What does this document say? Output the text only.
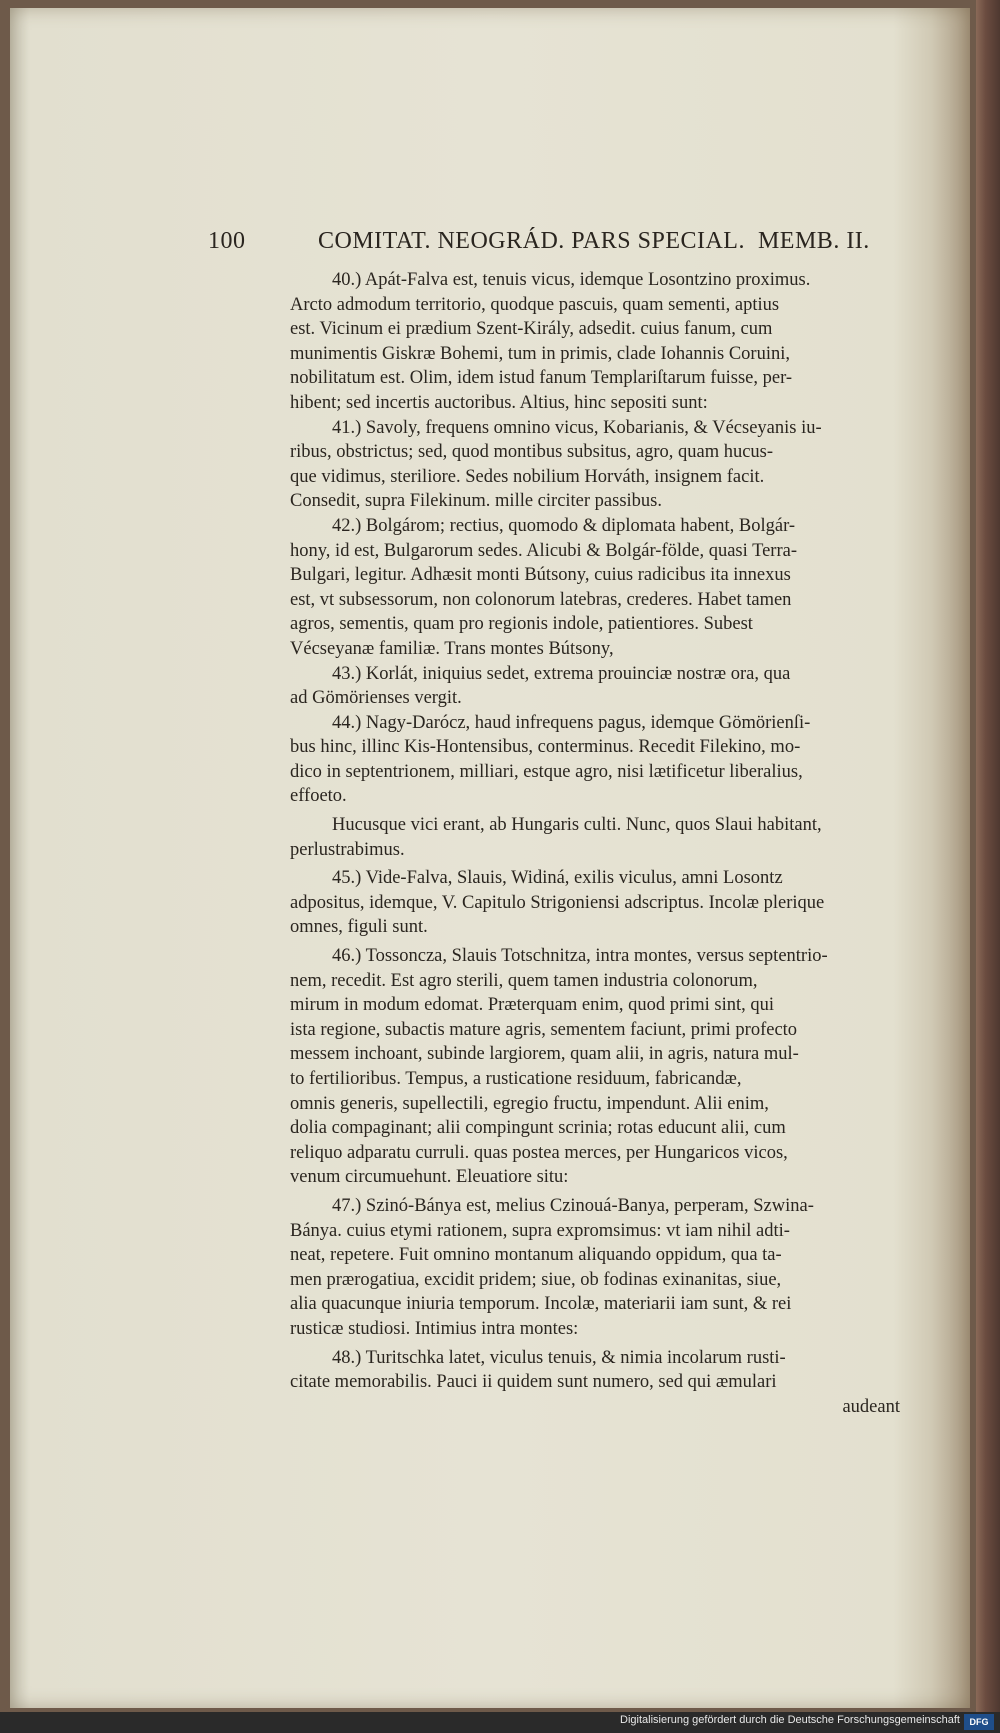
100	COMITAT. NEOGRÁD. PARS SPECIAL.  MEMB. II.

40.) Apát-Falva est, tenuis vicus, idemque Losontzino proximus.

Arcto admodum territorio, quodque pascuis, quam sementi, aptius

est. Vicinum ei prædium Szent-Király, adsedit. cuius fanum, cum

munimentis Giskræ Bohemi, tum in primis, clade Iohannis Coruini,

nobilitatum est. Olim, idem istud fanum Templariſtarum fuisse, per-

hibent; sed incertis auctoribus. Altius, hinc sepositi sunt:

41.) Savoly, frequens omnino vicus, Kobarianis, & Vécseyanis iu-

ribus, obstrictus; sed, quod montibus subsitus, agro, quam hucus-

que vidimus, steriliore. Sedes nobilium Horváth, insignem facit.

Consedit, supra Filekinum. mille circiter passibus.

42.) Bolgárom; rectius, quomodo & diplomata habent, Bolgár-

hony, id est, Bulgarorum sedes. Alicubi & Bolgár-földe, quasi Terra-

Bulgari, legitur. Adhæsit monti Bútsony, cuius radicibus ita innexus

est, vt subsessorum, non colonorum latebras, crederes. Habet tamen

agros, sementis, quam pro regionis indole, patientiores. Subest

Vécseyanæ familiæ. Trans montes Bútsony,

43.) Korlát, iniquius sedet, extrema prouinciæ nostræ ora, qua

ad Gömörienses vergit.

44.) Nagy-Darócz, haud infrequens pagus, idemque Gömörienſi-

bus hinc, illinc Kis-Hontensibus, conterminus. Recedit Filekino, mo-

dico in septentrionem, milliari, estque agro, nisi lætificetur liberalius,

effoeto.

Hucusque vici erant, ab Hungaris culti. Nunc, quos Slaui habitant,

perlustrabimus.

45.) Vide-Falva, Slauis, Widiná, exilis viculus, amni Losontz

adpositus, idemque, V. Capitulo Strigoniensi adscriptus. Incolæ plerique

omnes, figuli sunt.

46.) Tossoncza, Slauis Totschnitza, intra montes, versus septentrio-

nem, recedit. Est agro sterili, quem tamen industria colonorum,

mirum in modum edomat. Præterquam enim, quod primi sint, qui

ista regione, subactis mature agris, sementem faciunt, primi profecto

messem inchoant, subinde largiorem, quam alii, in agris, natura mul-

to fertilioribus. Tempus, a rusticatione residuum, fabricandæ,

omnis generis, supellectili, egregio fructu, impendunt. Alii enim,

dolia compaginant; alii compingunt scrinia; rotas educunt alii, cum

reliquo adparatu curruli. quas postea merces, per Hungaricos vicos,

venum circumuehunt. Eleuatiore situ:

47.) Szinó-Bánya est, melius Czinouá-Banya, perperam, Szwina-

Bánya. cuius etymi rationem, supra expromsimus: vt iam nihil adti-

neat, repetere. Fuit omnino montanum aliquando oppidum, qua ta-

men prærogatiua, excidit pridem; siue, ob fodinas exinanitas, siue,

alia quacunque iniuria temporum. Incolæ, materiarii iam sunt, & rei

rusticæ studiosi. Intimius intra montes:

48.) Turitschka latet, viculus tenuis, & nimia incolarum rusti-

citate memorabilis. Pauci ii quidem sunt numero, sed qui æmulari

audeant

Digitalisierung gefördert durch die Deutsche Forschungsgemeinschaft	DFG
